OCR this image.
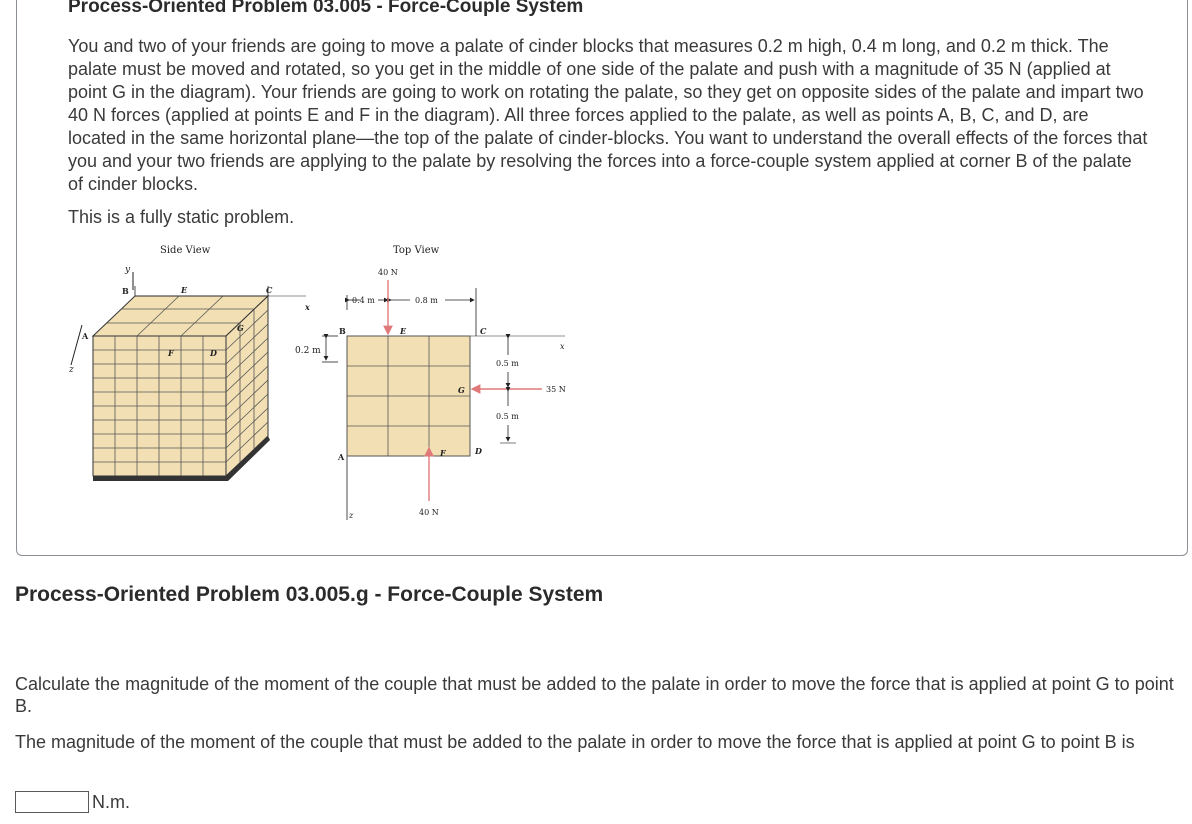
Process-Oriented Problem 03.005 - Force-Couple System

You and two of your friends are going to move a palate of cinder blocks that measures 0.2 m high, 0.4 m long, and 0.2 m thick. The palate must be moved and rotated, so you get in the middle of one side of the palate and push with a magnitude of 35 N (applied at point G in the diagram). Your friends are going to work on rotating the palate, so they get on opposite sides of the palate and impart two 40 N forces (applied at points E and F in the diagram). All three forces applied to the palate, as well as points A, B, C, and D, are located in the same horizontal plane—the top of the palate of cinder-blocks. You want to understand the overall effects of the forces that you and your two friends are applying to the palate by resolving the forces into a force-couple system applied at corner B of the palate of cinder blocks.

This is a fully static problem.

Side View
y
z
B	E	C
x
A
F	D
G
0.2 m
Top View
z
x
0.4 m	0.8 m
40 N
E
B	C
A
D
G	35 N
0.5 m
0.5 m
F
40 N
Process-Oriented Problem 03.005.g - Force-Couple System

Calculate the magnitude of the moment of the couple that must be added to the palate in order to move the force that is applied at point G to point B.

The magnitude of the moment of the couple that must be added to the palate in order to move the force that is applied at point G to point B is

N.m.
